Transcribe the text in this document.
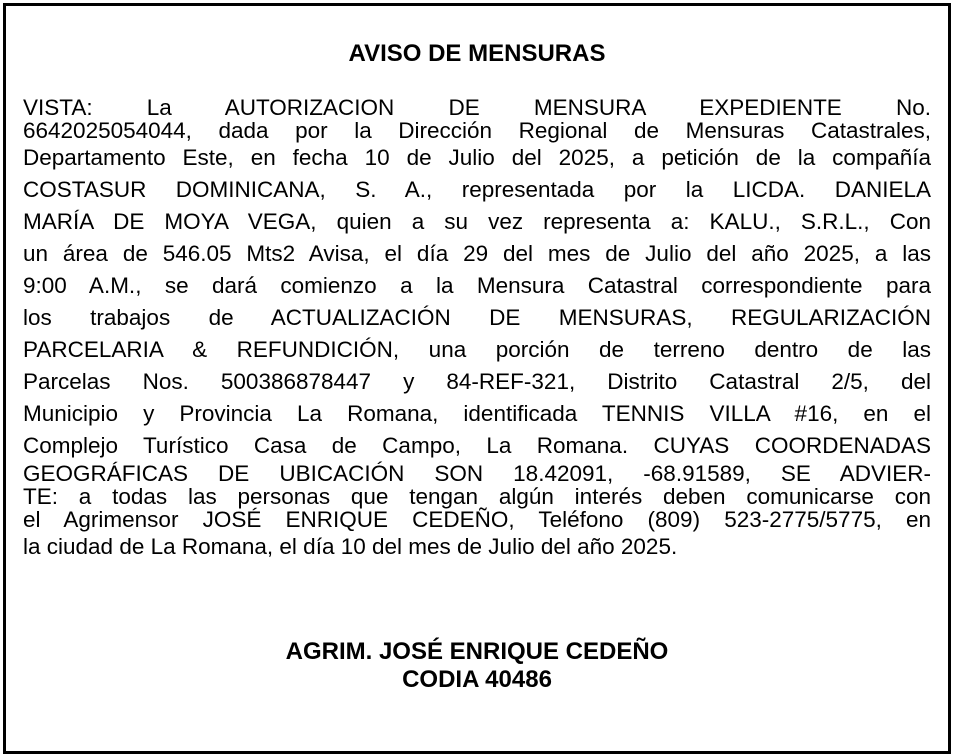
AVISO DE MENSURAS

VISTA: La AUTORIZACION DE MENSURA EXPEDIENTE No.
6642025054044, dada por la Dirección Regional de Mensuras Catastrales,
Departamento Este, en fecha 10 de Julio del 2025, a petición de la compañía
COSTASUR DOMINICANA, S. A., representada por la LICDA. DANIELA
MARÍA DE MOYA VEGA, quien a su vez representa a: KALU., S.R.L., Con
un área de 546.05 Mts2 Avisa, el día 29 del mes de Julio del año 2025, a las
9:00 A.M., se dará comienzo a la Mensura Catastral correspondiente para
los trabajos de ACTUALIZACIÓN DE MENSURAS, REGULARIZACIÓN
PARCELARIA & REFUNDICIÓN, una porción de terreno dentro de las
Parcelas Nos. 500386878447 y 84-REF-321, Distrito Catastral 2/5, del
Municipio y Provincia La Romana, identificada TENNIS VILLA #16, en el
Complejo Turístico Casa de Campo, La Romana. CUYAS COORDENADAS
GEOGRÁFICAS DE UBICACIÓN SON 18.42091, -68.91589, SE ADVIER-
TE: a todas las personas que tengan algún interés deben comunicarse con
el Agrimensor JOSÉ ENRIQUE CEDEÑO, Teléfono (809) 523-2775/5775, en
la ciudad de La Romana, el día 10 del mes de Julio del año 2025.

AGRIM. JOSÉ ENRIQUE CEDEÑO
CODIA 40486
